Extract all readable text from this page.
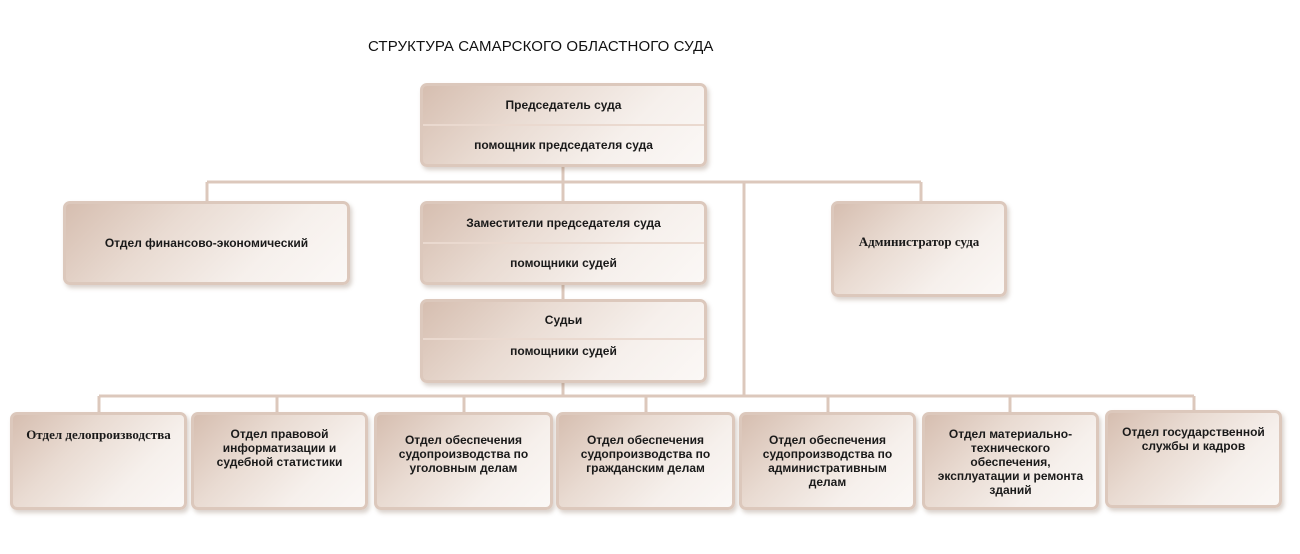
СТРУКТУРА САМАРСКОГО ОБЛАСТНОГО СУДА
Председатель суда
помощник председателя суда
Отдел финансово-экономический
Заместители председателя суда
помощники судей
Администратор суда
Судьи
помощники судей
Отдел делопроизводства	Отдел правовой информатизации и судебной статистики
Отдел обеспечения судопроизводства по уголовным делам
Отдел обеспечения судопроизводства по гражданским делам
Отдел обеспечения судопроизводства по административным делам
Отдел материально-технического обеспечения, эксплуатации и ремонта зданий
Отдел государственной службы и кадров
